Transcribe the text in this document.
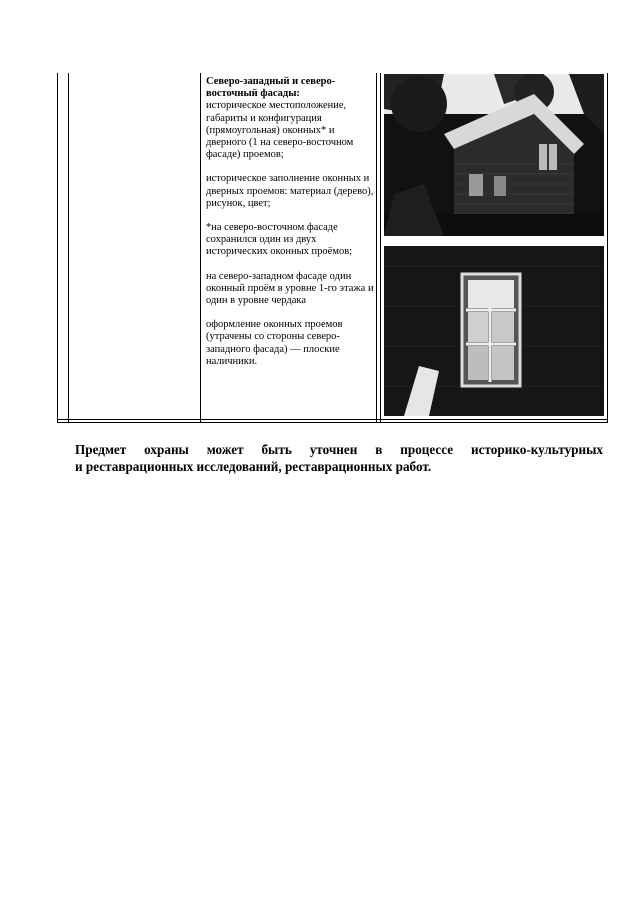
Северо-западный и северо-восточный фасады:

историческое местоположение, габариты и конфигурация (прямоугольная) оконных* и дверного (1 на северо-восточном фасаде) проемов;

историческое заполнение оконных и дверных проемов: материал (дерево), рисунок, цвет;

*на северо-восточном фасаде сохранился один из двух исторических оконных проёмов;

на северо-западном фасаде один оконный проём в уровне 1-го этажа и один в уровне чердака

оформление оконных проемов (утрачены со стороны северо-западного фасада) — плоские наличники.

Предмет охраны может быть уточнен в процессе историко-культурных
и реставрационных исследований, реставрационных работ.
